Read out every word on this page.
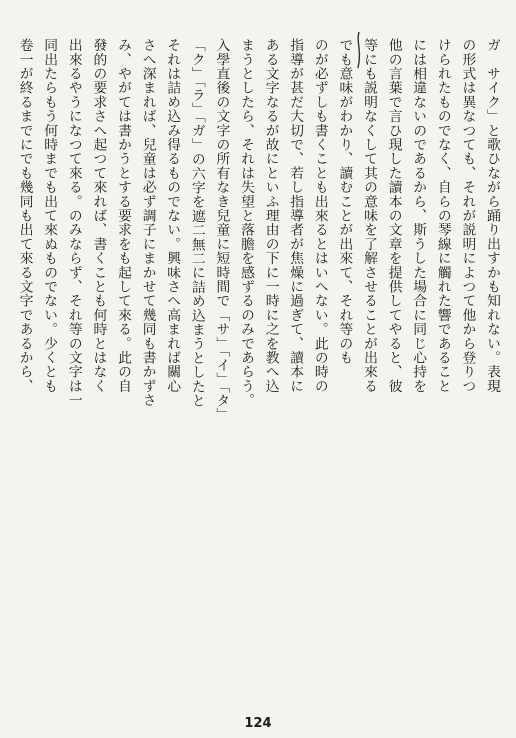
ガ　サイク」と歌ひながら踊り出すかも知れない。表現
の形式は異なつても、それが説明によつて他から登りつ
けられたものでなく、自らの琴線に觸れた響であること
には相違ないのであるから、斯うした場合に同じ心持を
他の言葉で言ひ現した讀本の文章を提供してやると、彼
等にも説明なくして其の意味を了解させることが出來る
でも意味がわかり、讀むことが出來て、それ等のも
のが必ずしも書くことも出來るとはいへない。此の時の
指導が甚だ大切で、若し指導者が焦燥に過ぎて、讀本に
ある文字なるが故にといふ理由の下に一時に之を教へ込
まうとしたら、それは失望と落膽を感ずるのみであらう。
入學直後の文字の所有なき兒童に短時間で「サ」「イ」「タ」
「ク」「ラ」「ガ」の六字を遮二無二に詰め込まうとしたと
それは詰め込み得るものでない。興味さへ高まれば關心
さへ深まれば、兒童は必ず調子にまかせて幾同も書かずさ
み、やがては書かうとする要求をも起して來る。此の自
發的の要求さへ起つて來れば、書くことも何時とはなく
出來るやうになつて來る。のみならず、それ等の文字は一
同出たらもう何時までも出て來ぬものでない。少くとも
卷一が終るまでにでも幾同も出て來る文字であるから、
124
